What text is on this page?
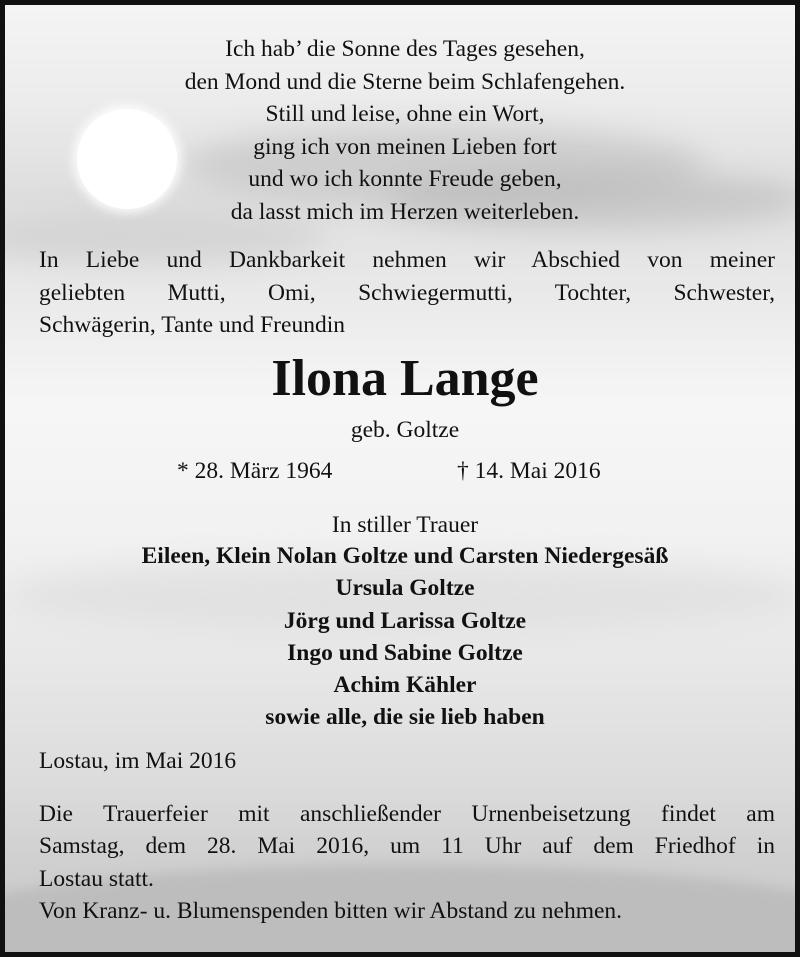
Ich hab’ die Sonne des Tages gesehen,
den Mond und die Sterne beim Schlafengehen.
Still und leise, ohne ein Wort,
ging ich von meinen Lieben fort
und wo ich konnte Freude geben,
da lasst mich im Herzen weiterleben.
In Liebe und Dankbarkeit nehmen wir Abschied von meiner
geliebten Mutti, Omi, Schwiegermutti, Tochter, Schwester,
Schwägerin, Tante und Freundin
Ilona Lange
geb. Goltze
* 28. März 1964	† 14. Mai 2016
In stiller Trauer
Eileen, Klein Nolan Goltze und Carsten Niedergesäß
Ursula Goltze
Jörg und Larissa Goltze
Ingo und Sabine Goltze
Achim Kähler
sowie alle, die sie lieb haben
Lostau, im Mai 2016
Die Trauerfeier mit anschließender Urnenbeisetzung findet am
Samstag, dem 28. Mai 2016, um 11 Uhr auf dem Friedhof in
Lostau statt.
Von Kranz- u. Blumenspenden bitten wir Abstand zu nehmen.
